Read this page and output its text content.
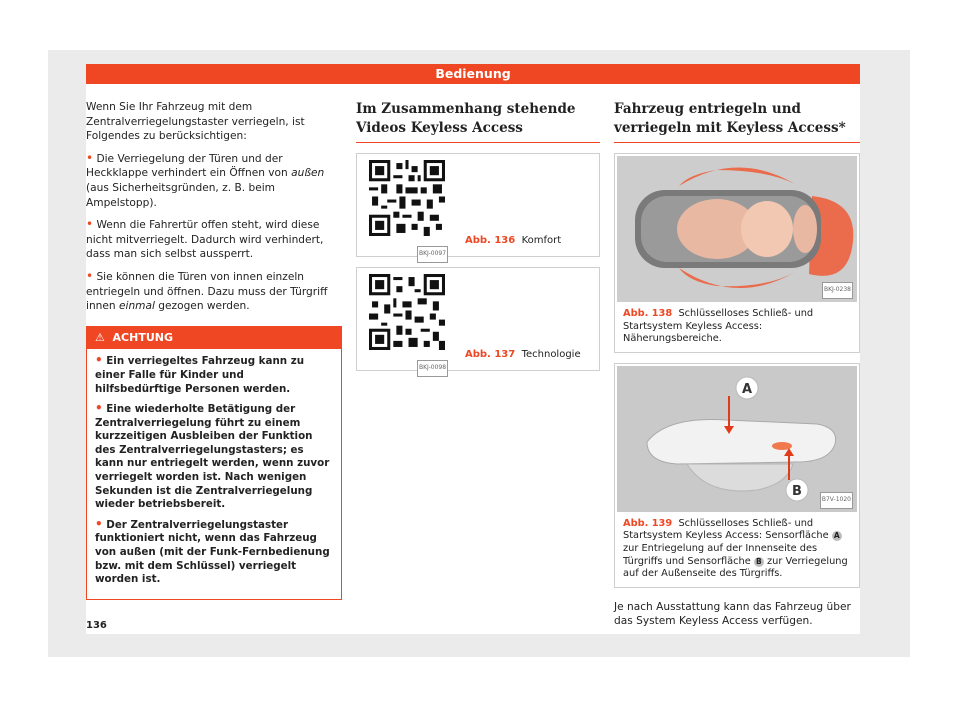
Bedienung

Wenn Sie Ihr Fahrzeug mit dem Zentralverriegelungstaster verriegeln, ist Folgendes zu berücksichtigen:

• Die Verriegelung der Türen und der Heckklappe verhindert ein Öffnen von außen (aus Sicherheitsgründen, z. B. beim Ampelstopp).
• Wenn die Fahrertür offen steht, wird diese nicht mitverriegelt. Dadurch wird verhindert, dass man sich selbst aussperrt.
• Sie können die Türen von innen einzeln entriegeln und öffnen. Dazu muss der Türgriff innen einmal gezogen werden.
⚠ ACHTUNG
• Ein verriegeltes Fahrzeug kann zu einer Falle für Kinder und hilfsbedürftige Personen werden.
• Eine wiederholte Betätigung der Zentralverriegelung führt zu einem kurzzeitigen Ausbleiben der Funktion des Zentralverriegelungstasters; es kann nur entriegelt werden, wenn zuvor verriegelt worden ist. Nach wenigen Sekunden ist die Zentralverriegelung wieder betriebsbereit.
• Der Zentralverriegelungstaster funktioniert nicht, wenn das Fahrzeug von außen (mit der Funk-Fernbedienung bzw. mit dem Schlüssel) verriegelt worden ist.
Im Zusammenhang stehende Videos Keyless Access
BKJ-0097
Abb. 136 Komfort
BKJ-0098
Abb. 137 Technologie
Fahrzeug entriegeln und verriegeln mit Keyless Access*
BKJ-0238
Abb. 138 Schlüsselloses Schließ- und Startsystem Keyless Access: Näherungsbereiche.
A
B
B7V-1020
Abb. 139 Schlüsselloses Schließ- und Startsystem Keyless Access: Sensorfläche A zur Entriegelung auf der Innenseite des Türgriffs und Sensorfläche B zur Verriegelung auf der Außenseite des Türgriffs.

Je nach Ausstattung kann das Fahrzeug über das System Keyless Access verfügen.

136
